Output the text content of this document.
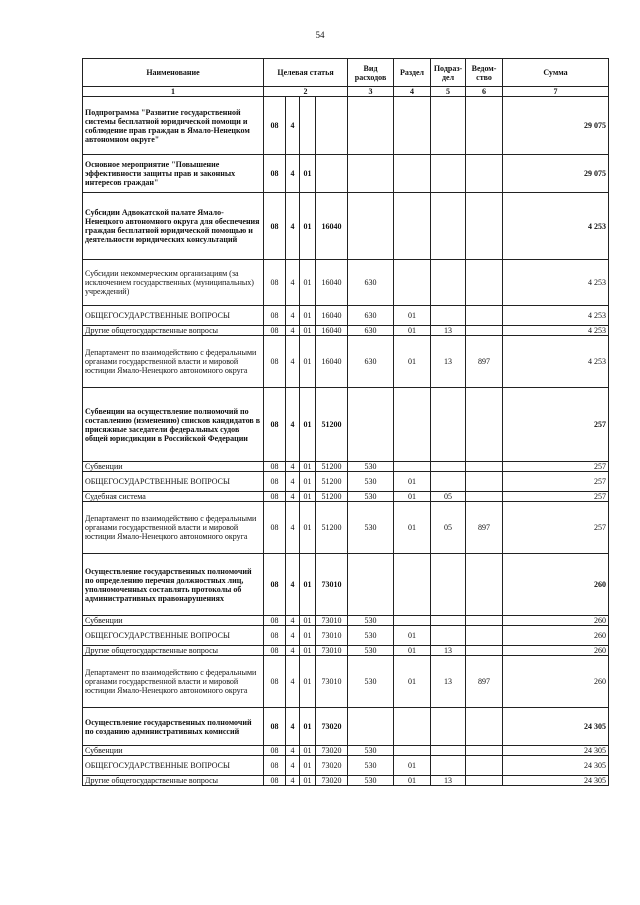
54
Наименование	Целевая статья				Вид расходов	Раздел	Подраз-дел	Ведом-ство	Сумма
1	2				3	4	5	6	7
Подпрограмма "Развитие государственной системы бесплатной юридической помощи и соблюдение прав граждан в Ямало-Ненецком автономном округе"	08	4							29 075
Основное мероприятие "Повышение эффективности защиты прав и законных интересов граждан"	08	4	01						29 075
Субсидии Адвокатской палате Ямало-Ненецкого автономного округа для обеспечения граждан бесплатной юридической помощью и деятельности юридических консультаций	08	4	01	16040					4 253
Субсидии некоммерческим организациям (за исключением государственных (муниципальных) учреждений)	08	4	01	16040	630				4 253
ОБЩЕГОСУДАРСТВЕННЫЕ ВОПРОСЫ	08	4	01	16040	630	01			4 253
Другие общегосударственные вопросы	08	4	01	16040	630	01	13		4 253
Департамент по взаимодействию с федеральными органами государственной власти и мировой юстиции Ямало-Ненецкого автономного округа	08	4	01	16040	630	01	13	897	4 253
Субвенции на осуществление полномочий по составлению (изменению) списков кандидатов в присяжные заседатели федеральных судов общей юрисдикции в Российской Федерации	08	4	01	51200					257
Субвенции	08	4	01	51200	530				257
ОБЩЕГОСУДАРСТВЕННЫЕ ВОПРОСЫ	08	4	01	51200	530	01			257
Судебная система	08	4	01	51200	530	01	05		257
Департамент по взаимодействию с федеральными органами государственной власти и мировой юстиции Ямало-Ненецкого автономного округа	08	4	01	51200	530	01	05	897	257
Осуществление государственных полномочий по определению перечня должностных лиц, уполномоченных составлять протоколы об административных правонарушениях	08	4	01	73010					260
Субвенции	08	4	01	73010	530				260
ОБЩЕГОСУДАРСТВЕННЫЕ ВОПРОСЫ	08	4	01	73010	530	01			260
Другие общегосударственные вопросы	08	4	01	73010	530	01	13		260
Департамент по взаимодействию с федеральными органами государственной власти и мировой юстиции Ямало-Ненецкого автономного округа	08	4	01	73010	530	01	13	897	260
Осуществление государственных полномочий по созданию административных комиссий	08	4	01	73020					24 305
Субвенции	08	4	01	73020	530				24 305
ОБЩЕГОСУДАРСТВЕННЫЕ ВОПРОСЫ	08	4	01	73020	530	01			24 305
Другие общегосударственные вопросы	08	4	01	73020	530	01	13		24 305
